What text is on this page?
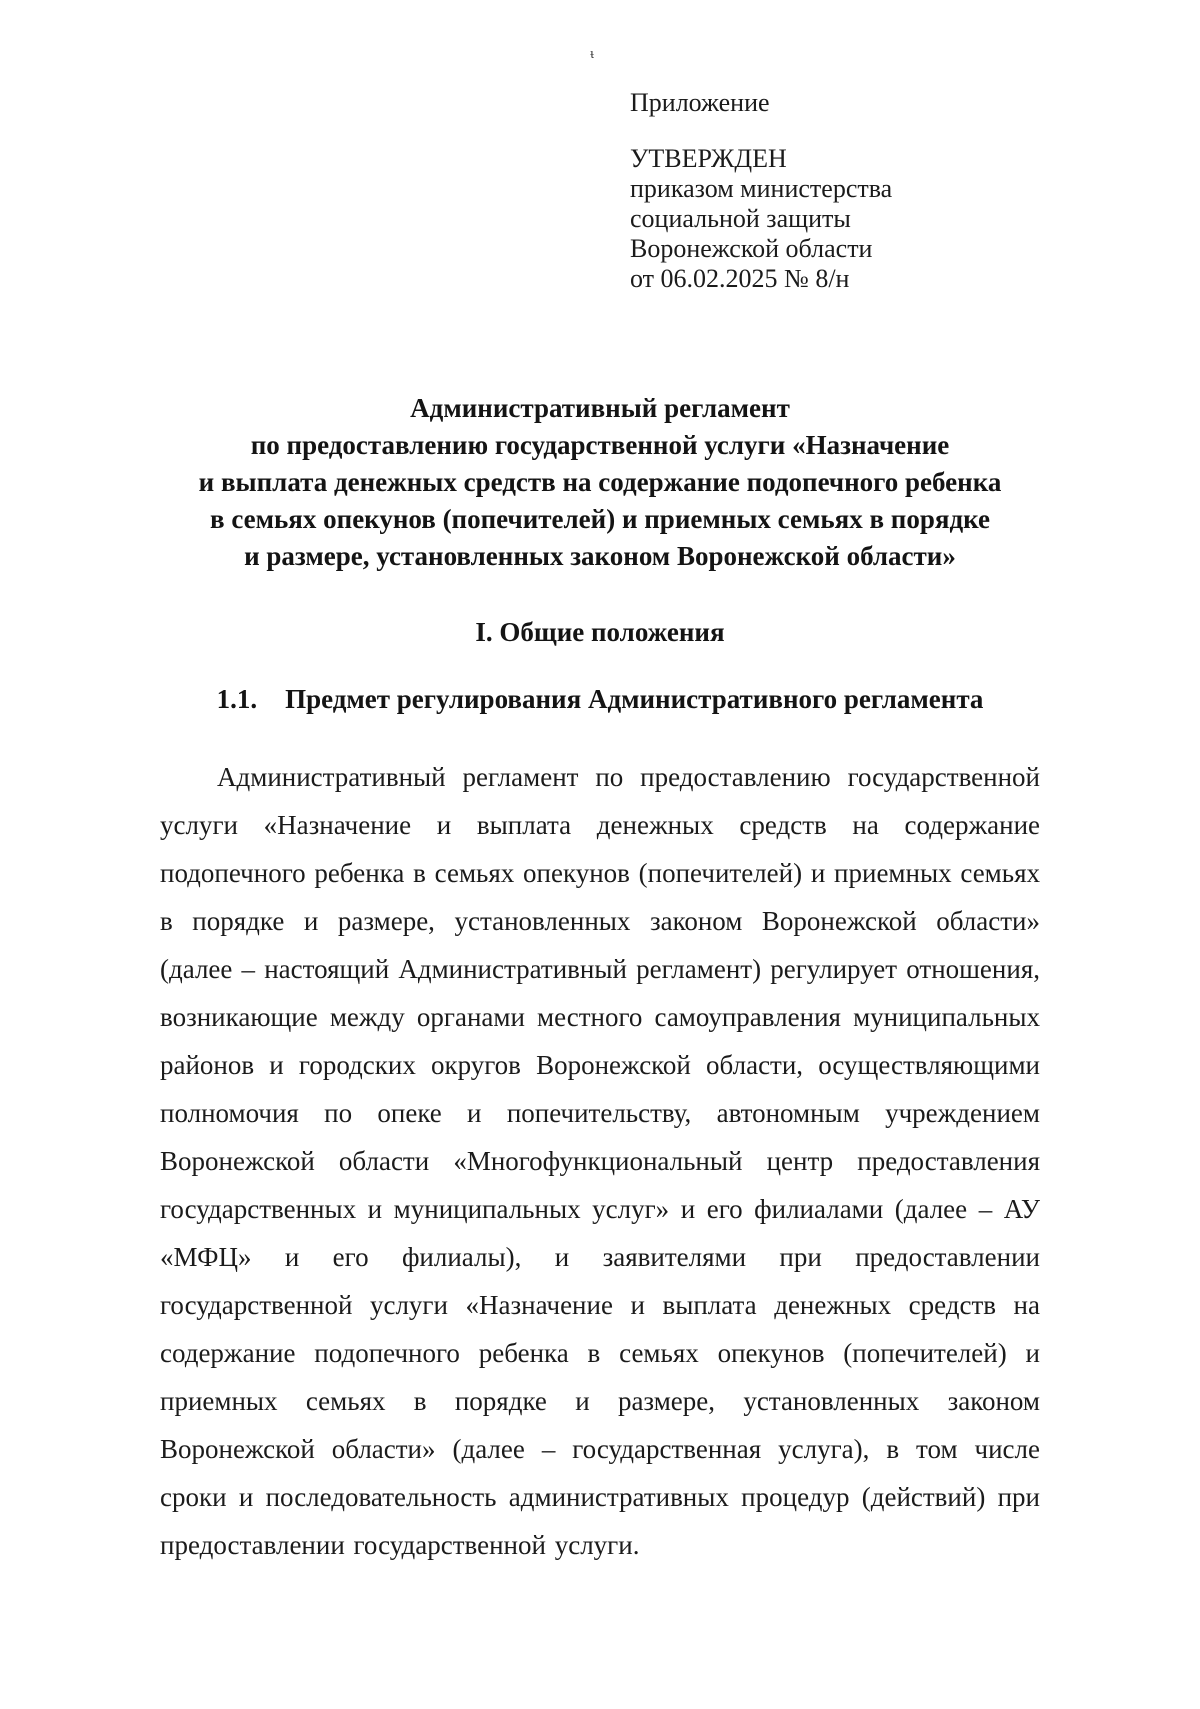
ᵼ
Приложение
УТВЕРЖДЕН
приказом министерства
социальной защиты
Воронежской области
от 06.02.2025 № 8/н
Административный регламент
по предоставлению государственной услуги «Назначение
и выплата денежных средств на содержание подопечного ребенка
в семьях опекунов (попечителей) и приемных семьях в порядке
и размере, установленных законом Воронежской области»
I. Общие положения
1.1. Предмет регулирования Административного регламента

Административный регламент по предоставлению государственной услуги «Назначение и выплата денежных средств на содержание подопечного ребенка в семьях опекунов (попечителей) и приемных семьях в порядке и размере, установленных законом Воронежской области» (далее – настоящий Административный регламент) регулирует отношения, возникающие между органами местного самоуправления муниципальных районов и городских округов Воронежской области, осуществляющими полномочия по опеке и попечительству, автономным учреждением Воронежской области «Многофункциональный центр предоставления государственных и муниципальных услуг» и его филиалами (далее – АУ «МФЦ» и его филиалы), и заявителями при предоставлении государственной услуги «Назначение и выплата денежных средств на содержание подопечного ребенка в семьях опекунов (попечителей) и приемных семьях в порядке и размере, установленных законом Воронежской области» (далее – государственная услуга), в том числе сроки и последовательность административных процедур (действий) при предоставлении государственной услуги.
